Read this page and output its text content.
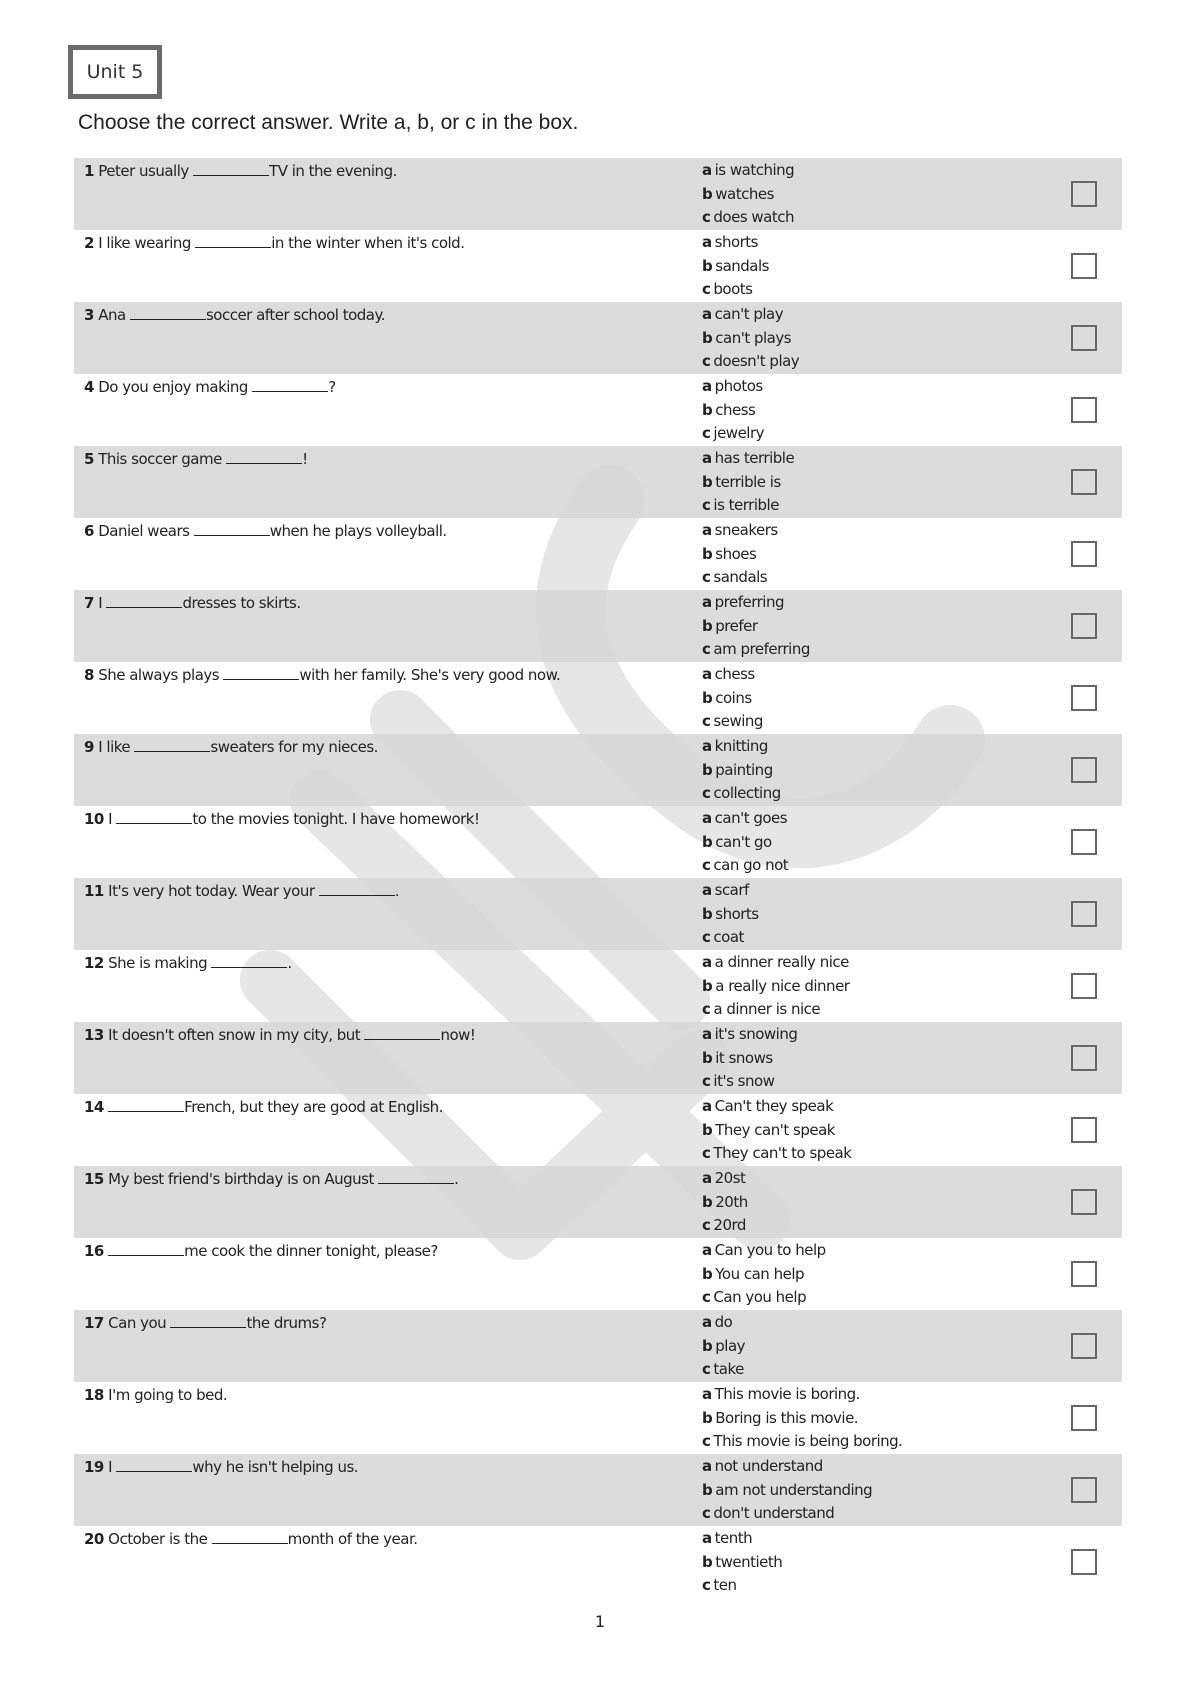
Unit 5
Choose the correct answer. Write a, b, or c in the box.
1 Peter usually	TV in the evening.	a is watching
b watches
c does watch
2 I like wearing	in the winter when it's cold.	a shorts
b sandals
c boots
3 Ana	soccer after school today.	a can't play
b can't plays
c doesn't play
4 Do you enjoy making	?	a photos
b chess
c jewelry
5 This soccer game	!	a has terrible
b terrible is
c is terrible
6 Daniel wears	when he plays volleyball.	a sneakers
b shoes
c sandals
7 I	dresses to skirts.	a preferring
b prefer
c am preferring
8 She always plays	with her family. She's very good now.	a chess
b coins
c sewing
9 I like	sweaters for my nieces.	a knitting
b painting
c collecting
10 I	to the movies tonight. I have homework!	a can't goes
b can't go
c can go not
11 It's very hot today. Wear your	.	a scarf
b shorts
c coat
12 She is making	.	a a dinner really nice
b a really nice dinner
c a dinner is nice
13 It doesn't often snow in my city, but	now!	a it's snowing
b it snows
c it's snow
14	French, but they are good at English.	a Can't they speak
b They can't speak
c They can't to speak
15 My best friend's birthday is on August	.	a 20st
b 20th
c 20rd
16	me cook the dinner tonight, please?	a Can you to help
b You can help
c Can you help
17 Can you	the drums?	a do
b play
c take
18 I'm going to bed.	a This movie is boring.
b Boring is this movie.
c This movie is being boring.
19 I	why he isn't helping us.	a not understand
b am not understanding
c don't understand
20 October is the	month of the year.	a tenth
b twentieth
c ten
1
